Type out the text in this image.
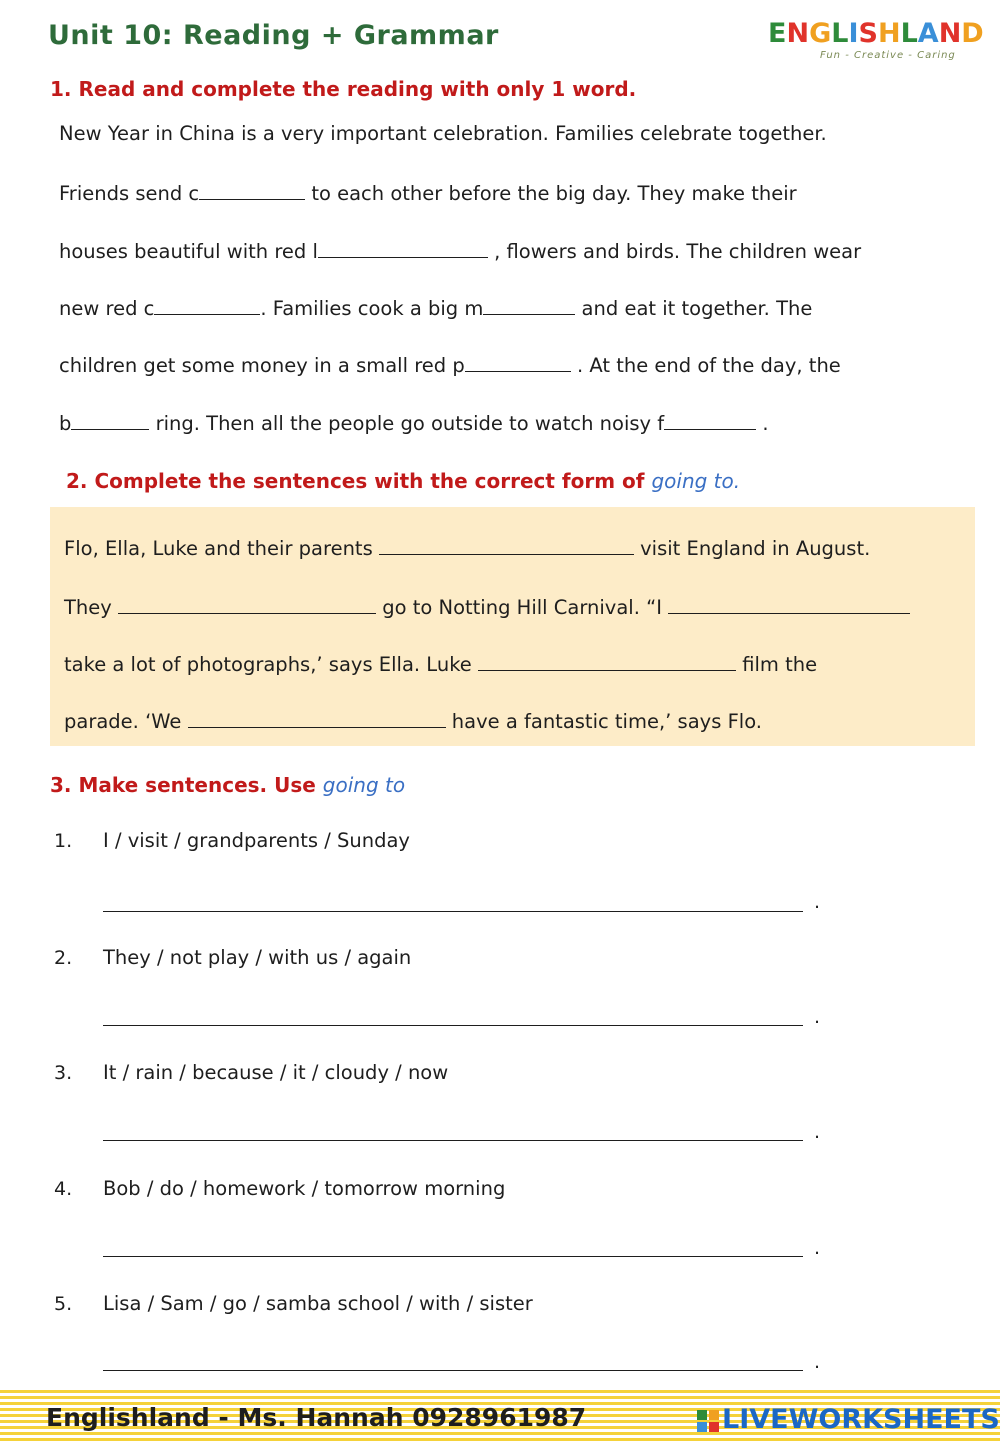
Unit 10: Reading + Grammar	ENGLISHLAND
Fun - Creative - Caring
1. Read and complete the reading with only 1 word.
New Year in China is a very important celebration. Families celebrate together.
Friends send c	to each other before the big day. They make their
houses beautiful with red l	, flowers and birds. The children wear
new red c	. Families cook a big m	and eat it together. The
children get some money in a small red p	. At the end of the day, the
b	ring. Then all the people go outside to watch noisy f	.
2. Complete the sentences with the correct form of going to.
Flo, Ella, Luke and their parents	visit England in August.
They	go to Notting Hill Carnival. “I
take a lot of photographs,’ says Ella. Luke	film the
parade. ‘We	have a fantastic time,’ says Flo.
3. Make sentences. Use going to
1. I / visit / grandparents / Sunday
.
2. They / not play / with us / again
.
3. It / rain / because / it / cloudy / now
.
4. Bob / do / homework / tomorrow morning
.
5. Lisa / Sam / go / samba school / with / sister
.
Englishland - Ms. Hannah 0928961987	LIVEWORKSHEETS
